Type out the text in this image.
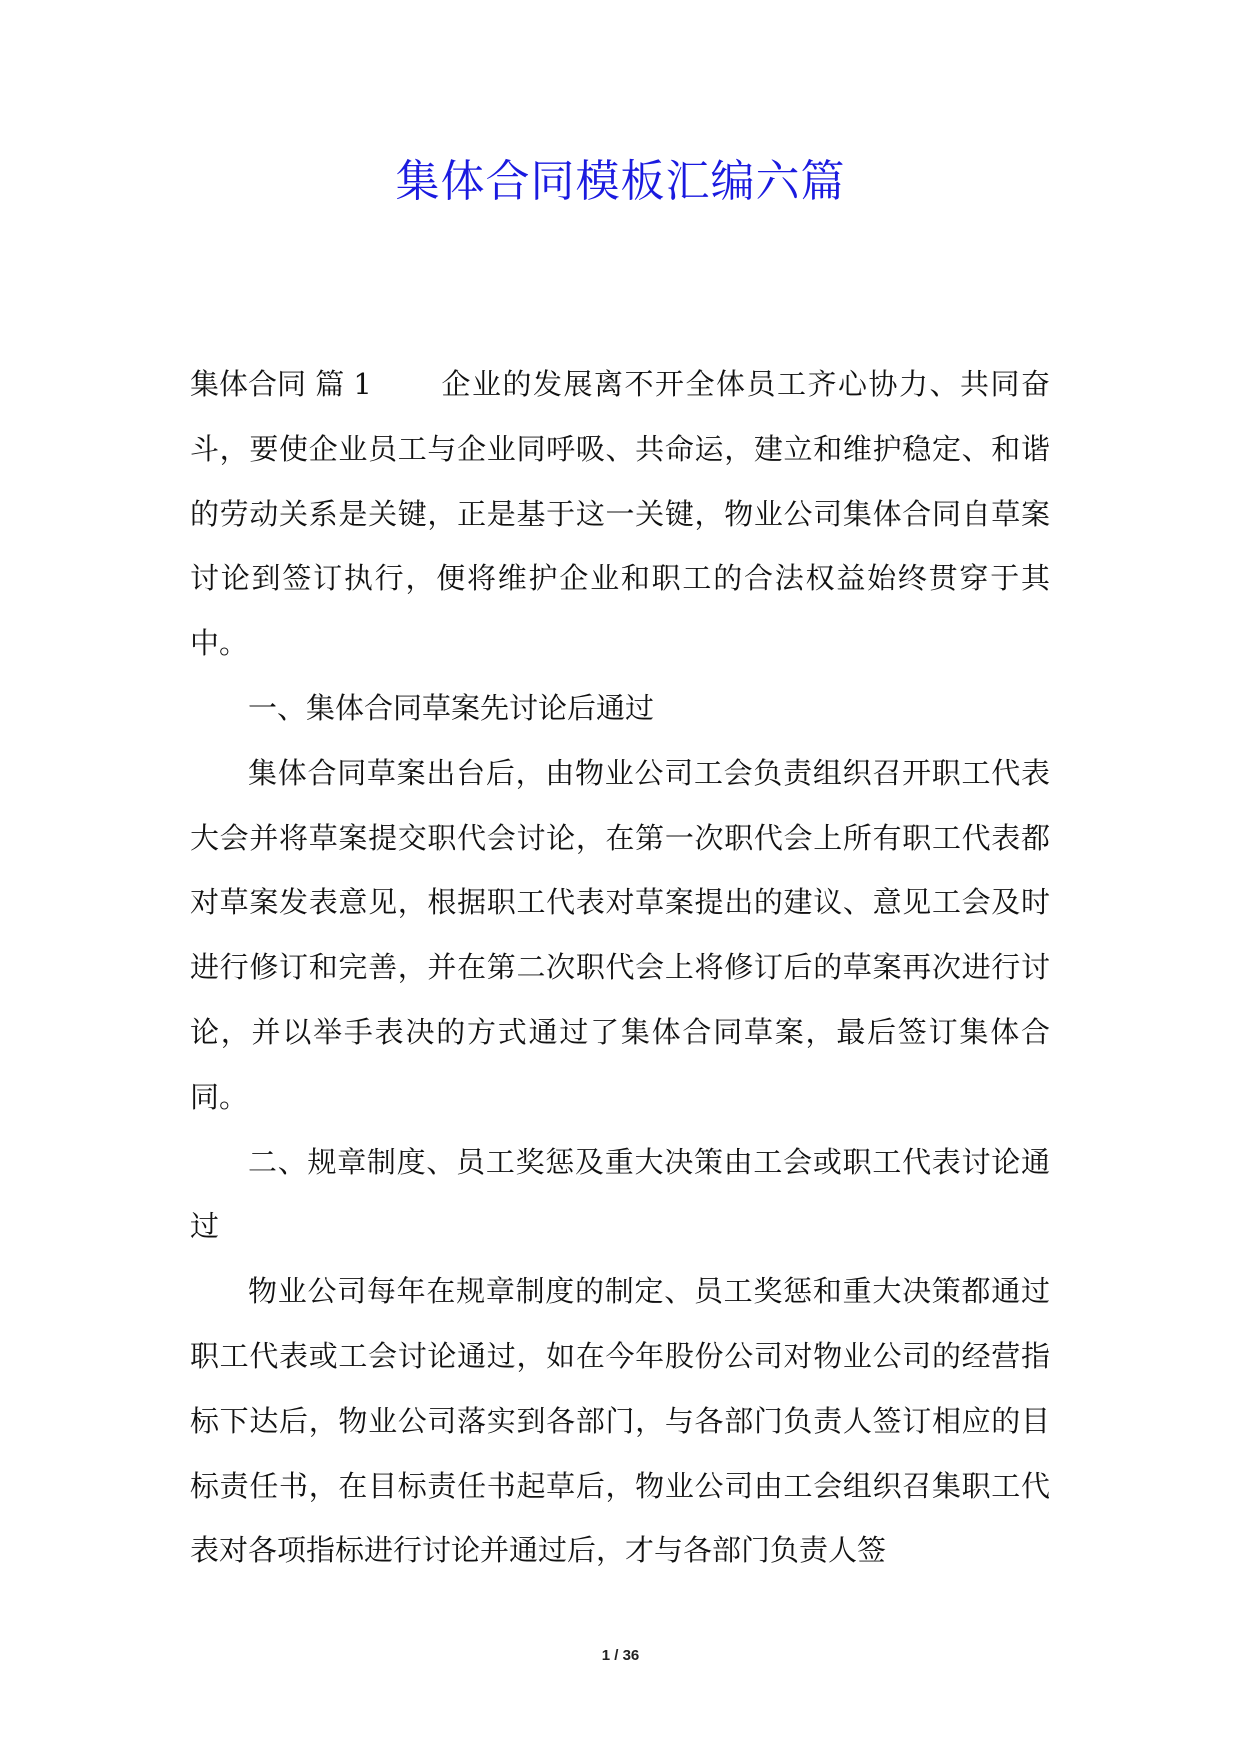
集体合同模板汇编六篇

集体合同 篇 1 企业的发展离不开全体员工齐心协力、共同奋斗，要使企业员工与企业同呼吸、共命运，建立和维护稳定、和谐的劳动关系是关键，正是基于这一关键，物业公司集体合同自草案讨论到签订执行，便将维护企业和职工的合法权益始终贯穿于其中。

一、集体合同草案先讨论后通过

集体合同草案出台后，由物业公司工会负责组织召开职工代表大会并将草案提交职代会讨论，在第一次职代会上所有职工代表都对草案发表意见，根据职工代表对草案提出的建议、意见工会及时进行修订和完善，并在第二次职代会上将修订后的草案再次进行讨论，并以举手表决的方式通过了集体合同草案，最后签订集体合同。

二、规章制度、员工奖惩及重大决策由工会或职工代表讨论通过

物业公司每年在规章制度的制定、员工奖惩和重大决策都通过职工代表或工会讨论通过，如在今年股份公司对物业公司的经营指标下达后，物业公司落实到各部门，与各部门负责人签订相应的目标责任书，在目标责任书起草后，物业公司由工会组织召集职工代表对各项指标进行讨论并通过后，才与各部门负责人签

1 / 36
